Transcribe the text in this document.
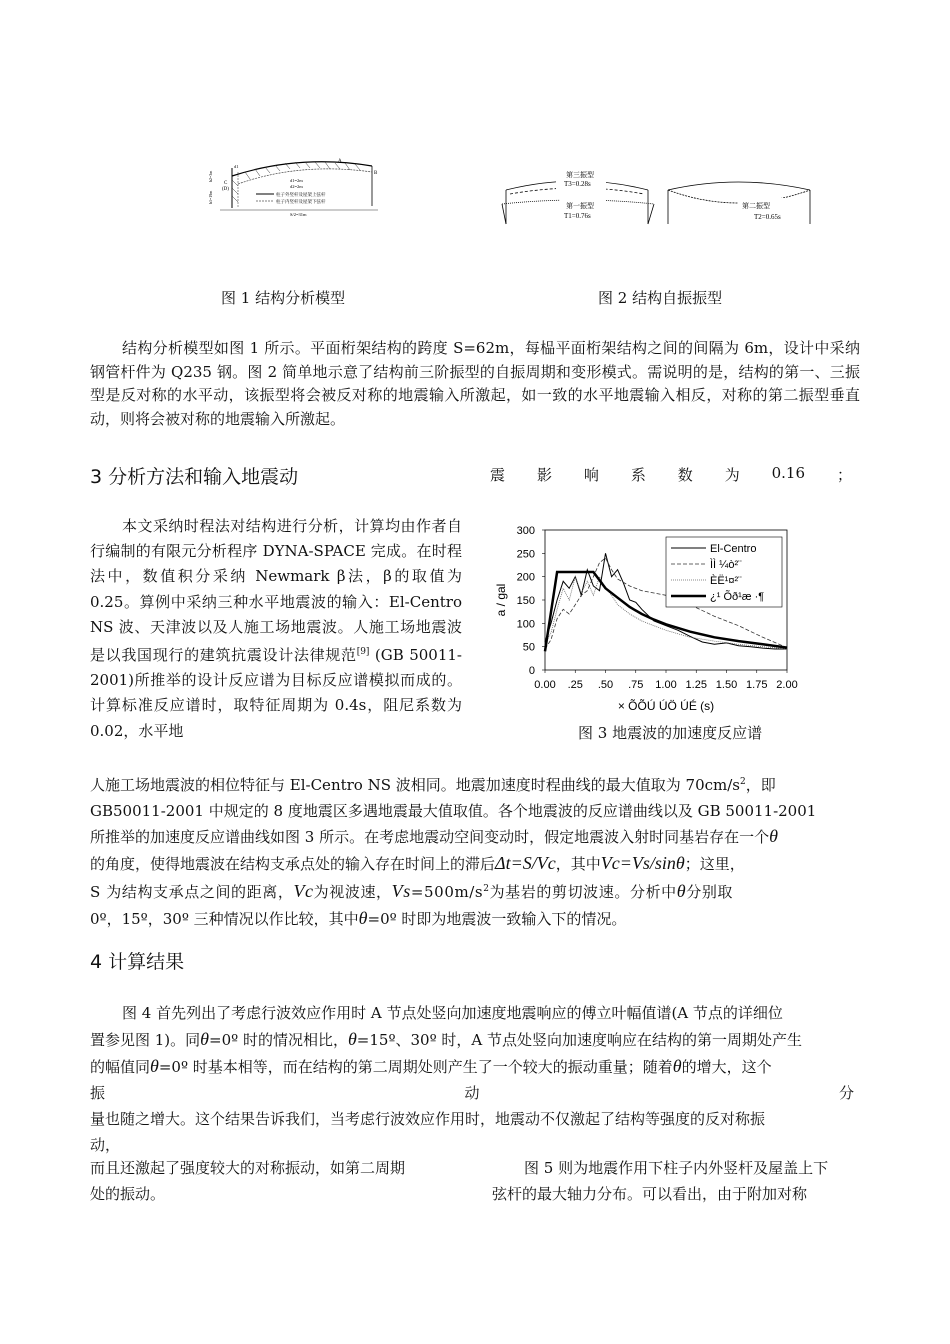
A
B
C
(D)
d1
h1=19m
h2=3m	d1=2m
d2=2m
柱子外竖杆及屋架上弦杆
柱子内竖杆及屋架下弦杆
S/2=31m
第三振型
T3=0.28s
第一振型
T1=0.76s
第二振型
T2=0.65s
图 1 结构分析模型	图 2 结构自振振型
结构分析模型如图 1 所示。平面桁架结构的跨度 S=62m，每榀平面桁架结构之间的间隔为 6m，设计中采纳钢管杆件为 Q235 钢。图 2 简单地示意了结构前三阶振型的自振周期和变形模式。需说明的是，结构的第一、三振型是反对称的水平动，该振型将会被反对称的地震输入所激起，如一致的水平地震输入相反，对称的第二振型垂直动，则将会被对称的地震输入所激起。
3 分析方法和输入地震动	震 影 响 系 数 为 0.16 ；
本文采纳时程法对结构进行分析，计算均由作者自行编制的有限元分析程序 DYNA-SPACE 完成。在时程法中，数值积分采纳 Newmark β法，β的取值为 0.25。算例中采纳三种水平地震波的输入：El-Centro NS 波、天津波以及人施工场地震波。人施工场地震波是以我国现行的建筑抗震设计法律规范[9] (GB 50011-2001)所推举的设计反应谱为目标反应谱模拟而成的。计算标准反应谱时，取特征周期为 0.4s，阻尼系数为 0.02，水平地
0
50
100
150
200
250
300
0.00 .25 .50 .75 1.00 1.25 1.50 1.75 2.00
El-Centro
ÌÌ ¼ò²¨
ÈË¹¤²¨
¿¹ Õð¹æ ·¶
a / gal
× ÕÕÚ ÚÖ ÚÉ (s)
图 3 地震波的加速度反应谱
人施工场地震波的相位特征与 El-Centro NS 波相同。地震加速度时程曲线的最大值取为 $70cm/s^2$，即
GB50011-2001 中规定的 8 度地震区多遇地震最大值取值。各个地震波的反应谱曲线以及 GB 50011-2001
所推举的加速度反应谱曲线如图 3 所示。在考虑地震动空间变动时，假定地震波入射时同基岩存在一个θ
的角度，使得地震波在结构支承点处的输入存在时间上的滞后Δt=S/Vc，其中Vc=Vs/sinθ；这里，
S 为结构支承点之间的距离，Vc为视波速，$Vs=500m/s^2$为基岩的剪切波速。分析中θ分别取
0º，15º，30º 三种情况以作比较，其中θ=0º 时即为地震波一致输入下的情况。
4 计算结果
图 4 首先列出了考虑行波效应作用时 A 节点处竖向加速度地震响应的傅立叶幅值谱(A 节点的详细位
置参见图 1)。同θ=0º 时的情况相比，θ=15º、30º 时，A 节点处竖向加速度响应在结构的第一周期处产生
的幅值同θ=0º 时基本相等，而在结构的第二周期处则产生了一个较大的振动重量；随着θ的增大，这个
振	动	分
量也随之增大。这个结果告诉我们，当考虑行波效应作用时，地震动不仅激起了结构等强度的反对称振
动，
而且还激起了强度较大的对称振动，如第二周期
处的振动。
图 5 则为地震作用下柱子内外竖杆及屋盖上下
弦杆的最大轴力分布。可以看出，由于附加对称
